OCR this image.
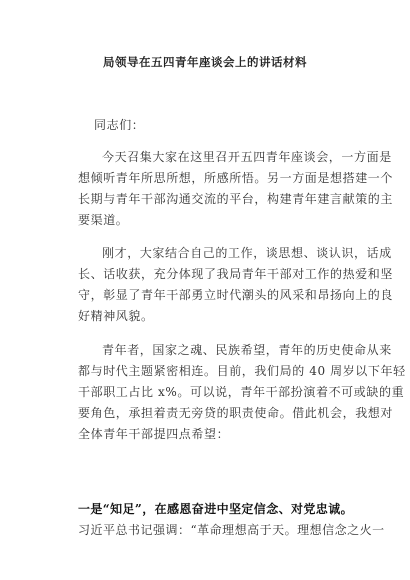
局领导在五四青年座谈会上的讲话材料
同志们：
今天召集大家在这里召开五四青年座谈会，一方面是
想倾听青年所思所想，所感所悟。另一方面是想搭建一个
长期与青年干部沟通交流的平台，构建青年建言献策的主
要渠道。
刚才，大家结合自己的工作，谈思想、谈认识，话成
长、话收获，充分体现了我局青年干部对工作的热爱和坚
守，彰显了青年干部勇立时代潮头的风采和昂扬向上的良
好精神风貌。
青年者，国家之魂、民族希望，青年的历史使命从来
都与时代主题紧密相连。目前，我们局的 40 周岁以下年轻
干部职工占比 x%。可以说，青年干部扮演着不可或缺的重
要角色，承担着责无旁贷的职责使命。借此机会，我想对
全体青年干部提四点希望：
一是“知足”，在感恩奋进中坚定信念、对党忠诚。
习近平总书记强调：“革命理想高于天。理想信念之火一
